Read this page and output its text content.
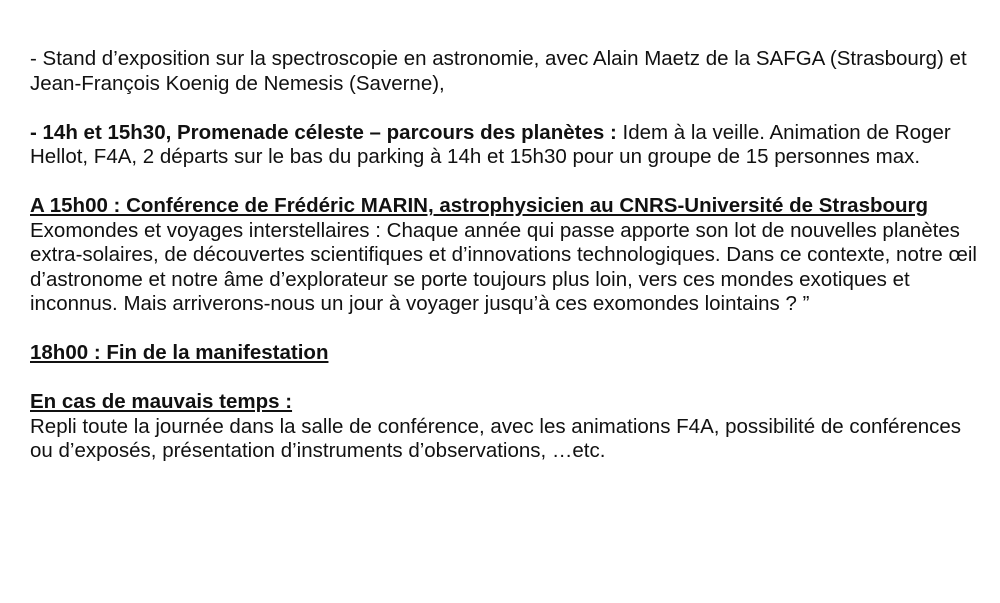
- Stand d’exposition sur la spectroscopie en astronomie, avec Alain Maetz de la SAFGA (Strasbourg) et Jean-François Koenig de Nemesis (Saverne),

- 14h et 15h30, Promenade céleste – parcours des planètes : Idem à la veille. Animation de Roger Hellot, F4A, 2 départs sur le bas du parking à 14h et 15h30 pour un groupe de 15 personnes max.

A 15h00 : Conférence de Frédéric MARIN, astrophysicien au CNRS-Université de Strasbourg

Exomondes et voyages interstellaires : Chaque année qui passe apporte son lot de nouvelles planètes extra-solaires, de découvertes scientifiques et d’innovations technologiques. Dans ce contexte, notre œil d’astronome et notre âme d’explorateur se porte toujours plus loin, vers ces mondes exotiques et inconnus. Mais arriverons-nous un jour à voyager jusqu’à ces exomondes lointains ? ”

18h00 : Fin de la manifestation

En cas de mauvais temps :

Repli toute la journée dans la salle de conférence, avec les animations F4A, possibilité de conférences ou d’exposés, présentation d’instruments d’observations, …etc.
